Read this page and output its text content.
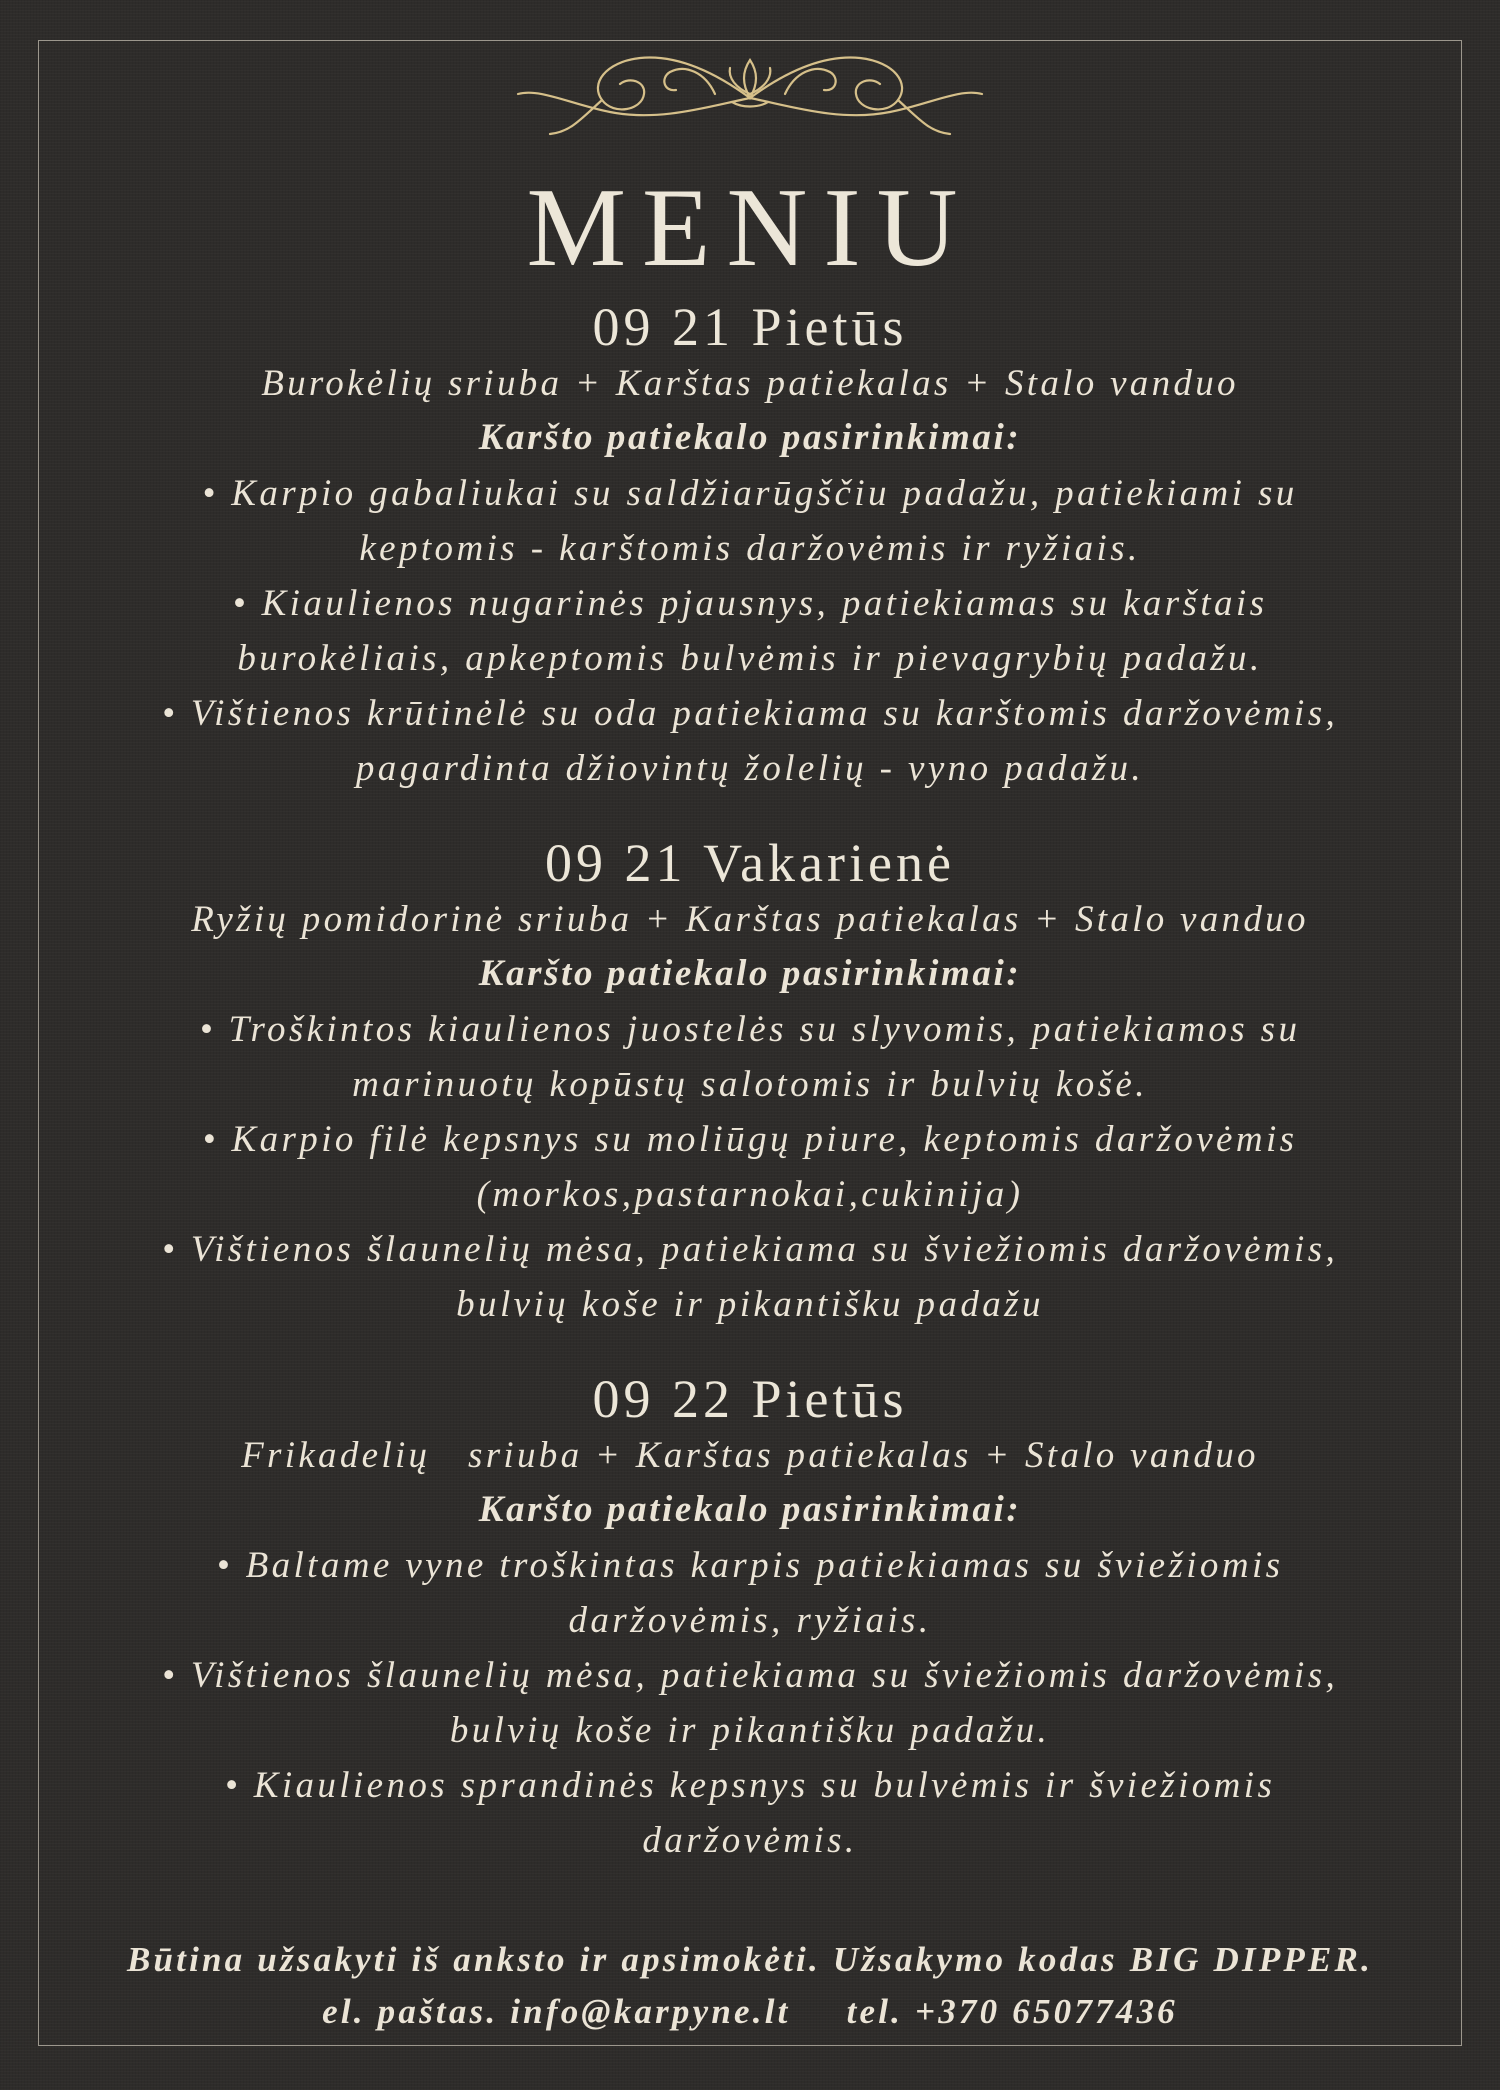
MENIU
09 21 Pietūs

Burokėlių sriuba + Karštas patiekalas + Stalo vanduo

Karšto patiekalo pasirinkimai:

• Karpio gabaliukai su saldžiarūgščiu padažu, patiekiami su
keptomis - karštomis daržovėmis ir ryžiais.

• Kiaulienos nugarinės pjausnys, patiekiamas su karštais
burokėliais, apkeptomis bulvėmis ir pievagrybių padažu.

• Vištienos krūtinėlė su oda patiekiama su karštomis daržovėmis,
pagardinta džiovintų žolelių - vyno padažu.

09 21 Vakarienė

Ryžių pomidorinė sriuba + Karštas patiekalas + Stalo vanduo

Karšto patiekalo pasirinkimai:

• Troškintos kiaulienos juostelės su slyvomis, patiekiamos su
marinuotų kopūstų salotomis ir bulvių košė.

• Karpio filė kepsnys su moliūgų piure, keptomis daržovėmis
(morkos,pastarnokai,cukinija)

• Vištienos šlaunelių mėsa, patiekiama su šviežiomis daržovėmis,
bulvių koše ir pikantišku padažu

09 22 Pietūs

Frikadelių   sriuba + Karštas patiekalas + Stalo vanduo

Karšto patiekalo pasirinkimai:

• Baltame vyne troškintas karpis patiekiamas su šviežiomis
daržovėmis, ryžiais.

• Vištienos šlaunelių mėsa, patiekiama su šviežiomis daržovėmis,
bulvių koše ir pikantišku padažu.

• Kiaulienos sprandinės kepsnys su bulvėmis ir šviežiomis
daržovėmis.

Būtina užsakyti iš anksto ir apsimokėti. Užsakymo kodas BIG DIPPER.

el. paštas. info@karpyne.lt tel. +370 65077436
